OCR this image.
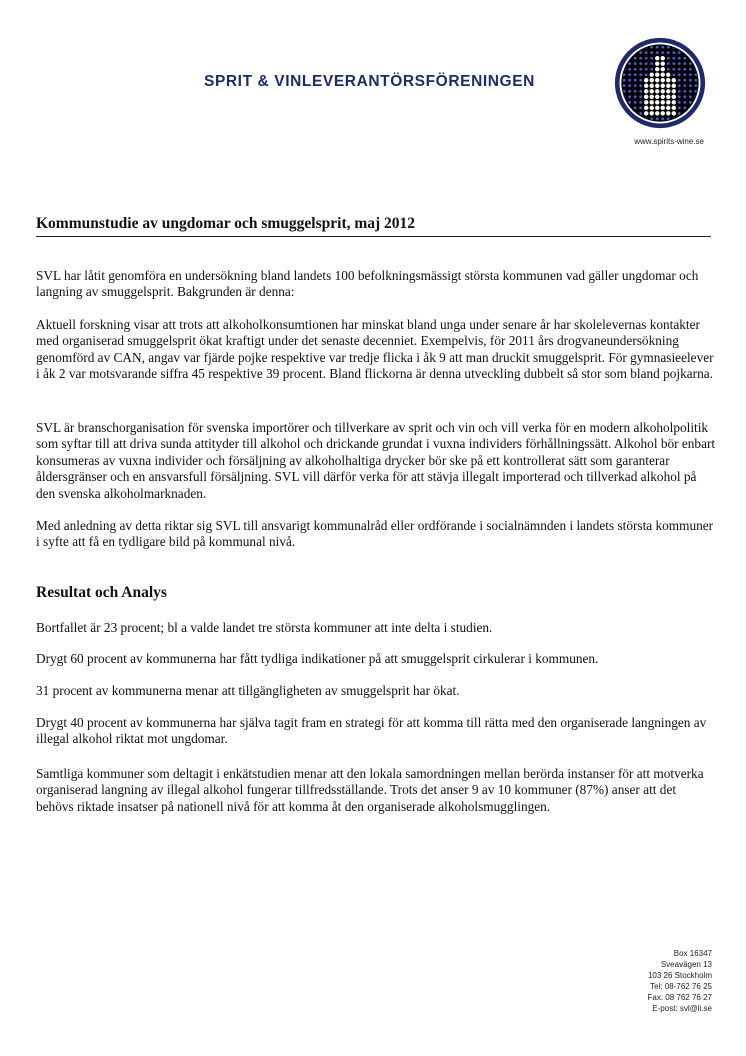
SPRIT & VINLEVERANTÖRSFÖRENINGEN
www.spirits-wine.se
Kommunstudie av ungdomar och smuggelsprit, maj 2012

SVL har låtit genomföra en undersökning bland landets 100 befolkningsmässigt största kommunen vad gäller ungdomar och langning av smuggelsprit. Bakgrunden är denna:

Aktuell forskning visar att trots att alkoholkonsumtionen har minskat bland unga under senare år har skolelevernas kontakter med organiserad smuggelsprit ökat kraftigt under det senaste decenniet. Exempelvis, för 2011 års drogvaneundersökning genomförd av CAN, angav var fjärde pojke respektive var tredje flicka i åk 9 att man druckit smuggelsprit. För gymnasieelever i åk 2 var motsvarande siffra 45 respektive 39 procent. Bland flickorna är denna utveckling dubbelt så stor som bland pojkarna.

SVL är branschorganisation för svenska importörer och tillverkare av sprit och vin och vill verka för en modern alkoholpolitik som syftar till att driva sunda attityder till alkohol och drickande grundat i vuxna individers förhållningssätt. Alkohol bör enbart konsumeras av vuxna individer och försäljning av alkoholhaltiga drycker bör ske på ett kontrollerat sätt som garanterar åldersgränser och en ansvarsfull försäljning. SVL vill därför verka för att stävja illegalt importerad och tillverkad alkohol på den svenska alkoholmarknaden.

Med anledning av detta riktar sig SVL till ansvarigt kommunalråd eller ordförande i socialnämnden i landets största kommuner i syfte att få en tydligare bild på kommunal nivå.

Resultat och Analys

Bortfallet är 23 procent; bl a valde landet tre största kommuner att inte delta i studien.

Drygt 60 procent av kommunerna har fått tydliga indikationer på att smuggelsprit cirkulerar i kommunen.

31 procent av kommunerna menar att tillgängligheten av smuggelsprit har ökat.

Drygt 40 procent av kommunerna har själva tagit fram en strategi för att komma till rätta med den organiserade langningen av illegal alkohol riktat mot ungdomar.

Samtliga kommuner som deltagit i enkätstudien menar att den lokala samordningen mellan berörda instanser för att motverka organiserad langning av illegal alkohol fungerar tillfredsställande. Trots det anser 9 av 10 kommuner (87%) anser att det behövs riktade insatser på nationell nivå för att komma åt den organiserade alkoholsmugglingen.

Box 16347
Sveavägen 13
103 26 Stockholm
Tel: 08-762 76 25
Fax: 08 762 76 27
E-post: svl@li.se
